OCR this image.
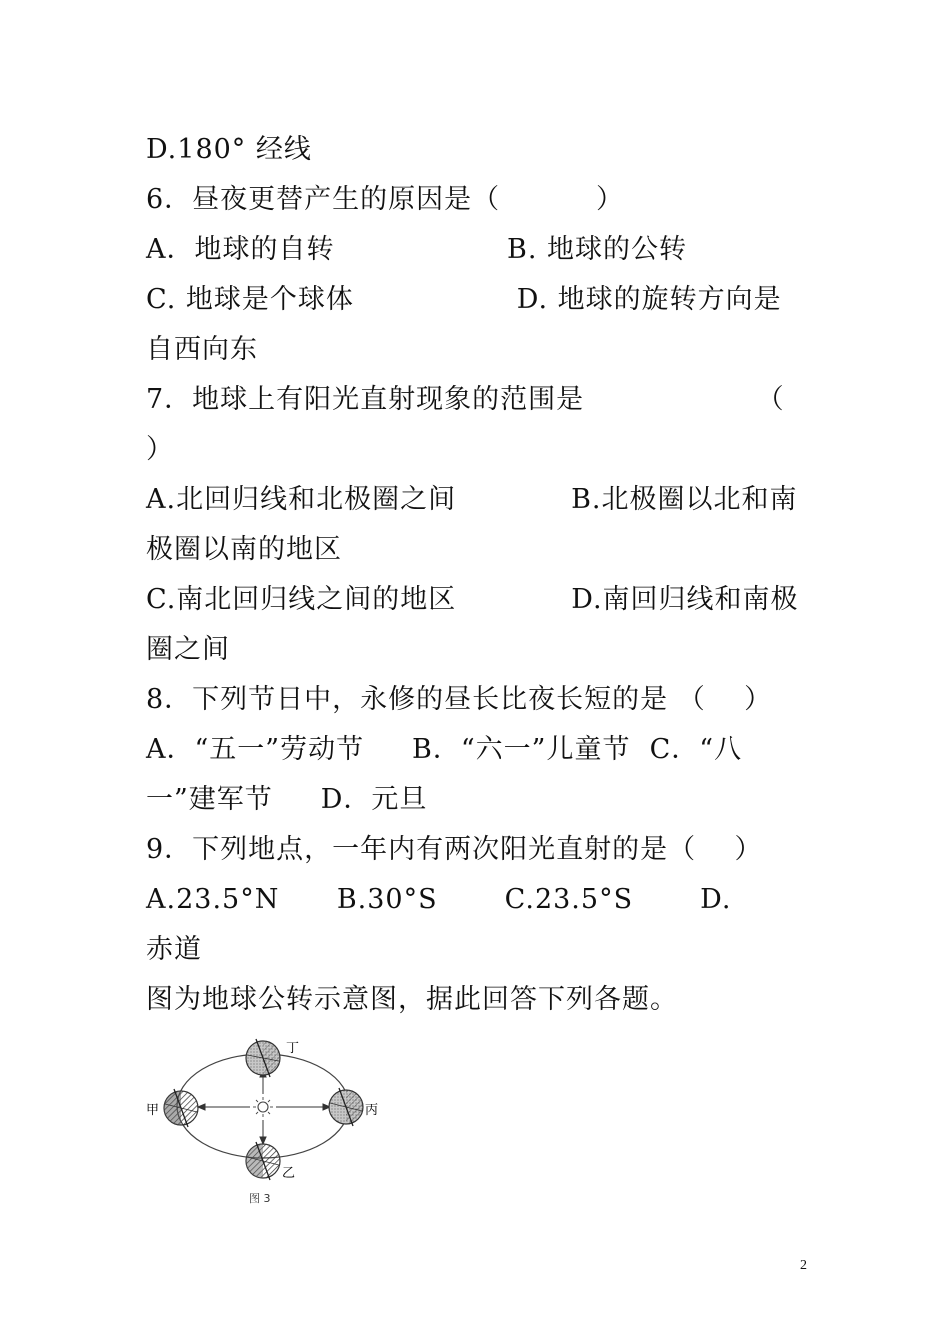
D.180° 经线
6．昼夜更替产生的原因是（          ）
A．地球的自转                  B. 地球的公转
C. 地球是个球体                 D. 地球的旋转方向是
自西向东
7．地球上有阳光直射现象的范围是                  （
）
A.北回归线和北极圈之间            B.北极圈以北和南
极圈以南的地区
C.南北回归线之间的地区            D.南回归线和南极
圈之间
8．下列节日中，永修的昼长比夜长短的是 （    ）
A．“五一”劳动节     B．“六一”儿童节  C．“八
一”建军节     D．元旦
9．下列地点，一年内有两次阳光直射的是（    ）
A.23.5°N      B.30°S       C.23.5°S       D.
赤道
图为地球公转示意图，据此回答下列各题。
丁
甲	丙
乙
图 3
2
